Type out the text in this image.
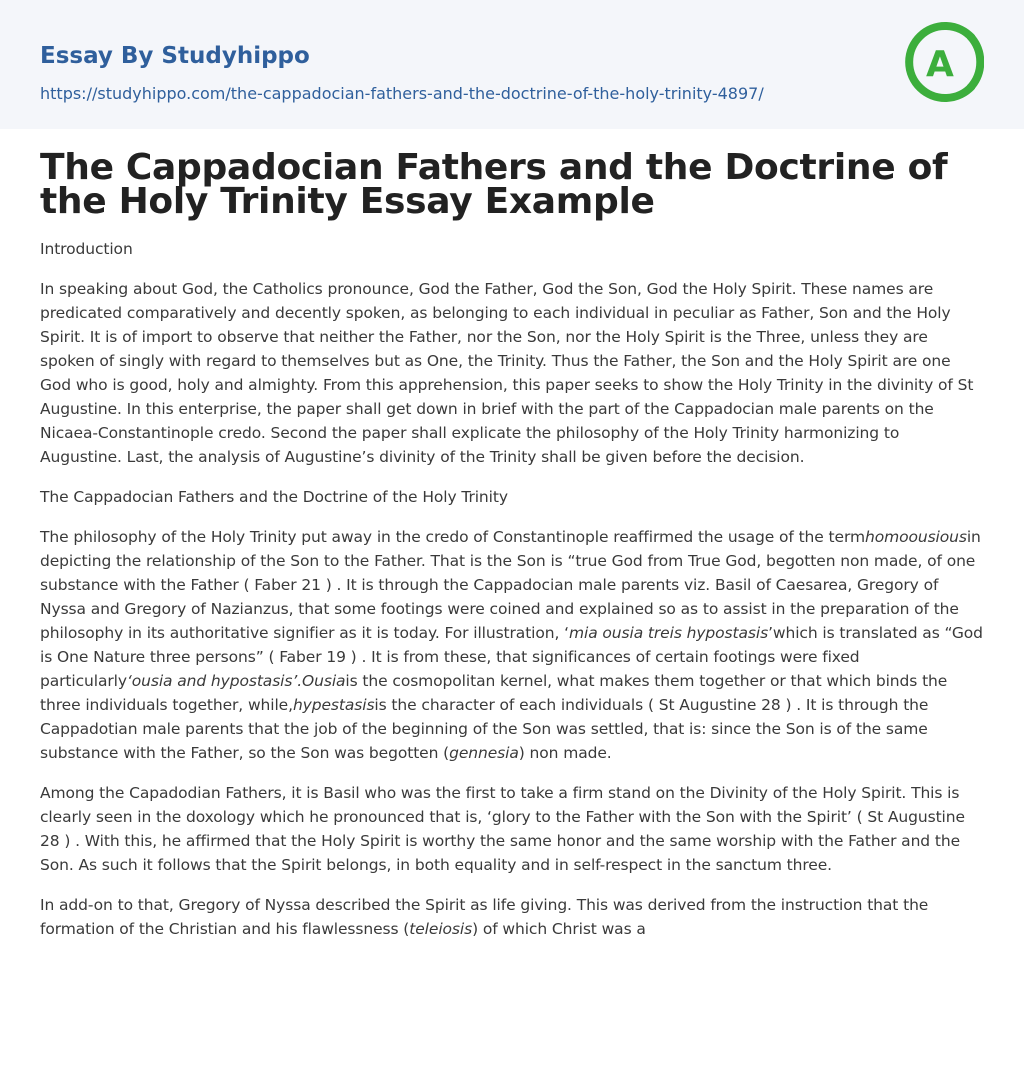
Essay By Studyhippo
https://studyhippo.com/the-cappadocian-fathers-and-the-doctrine-of-the-holy-trinity-4897/
A
The Cappadocian Fathers and the Doctrine of the Holy Trinity Essay Example

Introduction

In speaking about God, the Catholics pronounce, God the Father, God the Son, God the Holy Spirit. These names are predicated comparatively and decently spoken, as belonging to each individual in peculiar as Father, Son and the Holy Spirit. It is of import to observe that neither the Father, nor the Son, nor the Holy Spirit is the Three, unless they are spoken of singly with regard to themselves but as One, the Trinity. Thus the Father, the Son and the Holy Spirit are one God who is good, holy and almighty. From this apprehension, this paper seeks to show the Holy Trinity in the divinity of St Augustine. In this enterprise, the paper shall get down in brief with the part of the Cappadocian male parents on the Nicaea-Constantinople credo. Second the paper shall explicate the philosophy of the Holy Trinity harmonizing to Augustine. Last, the analysis of Augustine’s divinity of the Trinity shall be given before the decision.

The Cappadocian Fathers and the Doctrine of the Holy Trinity

The philosophy of the Holy Trinity put away in the credo of Constantinople reaffirmed the usage of the termhomoousiousin depicting the relationship of the Son to the Father. That is the Son is “true God from True God, begotten non made, of one substance with the Father ( Faber 21 ) . It is through the Cappadocian male parents viz. Basil of Caesarea, Gregory of Nyssa and Gregory of Nazianzus, that some footings were coined and explained so as to assist in the preparation of the philosophy in its authoritative signifier as it is today. For illustration, ‘mia ousia treis hypostasis’which is translated as “God is One Nature three persons” ( Faber 19 ) . It is from these, that significances of certain footings were fixed particularly‘ousia and hypostasis’.Ousiais the cosmopolitan kernel, what makes them together or that which binds the three individuals together, while,hypestasisis the character of each individuals ( St Augustine 28 ) . It is through the Cappadotian male parents that the job of the beginning of the Son was settled, that is: since the Son is of the same substance with the Father, so the Son was begotten (gennesia) non made.

Among the Capadodian Fathers, it is Basil who was the first to take a firm stand on the Divinity of the Holy Spirit. This is clearly seen in the doxology which he pronounced that is, ‘glory to the Father with the Son with the Spirit’ ( St Augustine 28 ) . With this, he affirmed that the Holy Spirit is worthy the same honor and the same worship with the Father and the Son. As such it follows that the Spirit belongs, in both equality and in self-respect in the sanctum three.

In add-on to that, Gregory of Nyssa described the Spirit as life giving. This was derived from the instruction that the formation of the Christian and his flawlessness (teleiosis) of which Christ was a
